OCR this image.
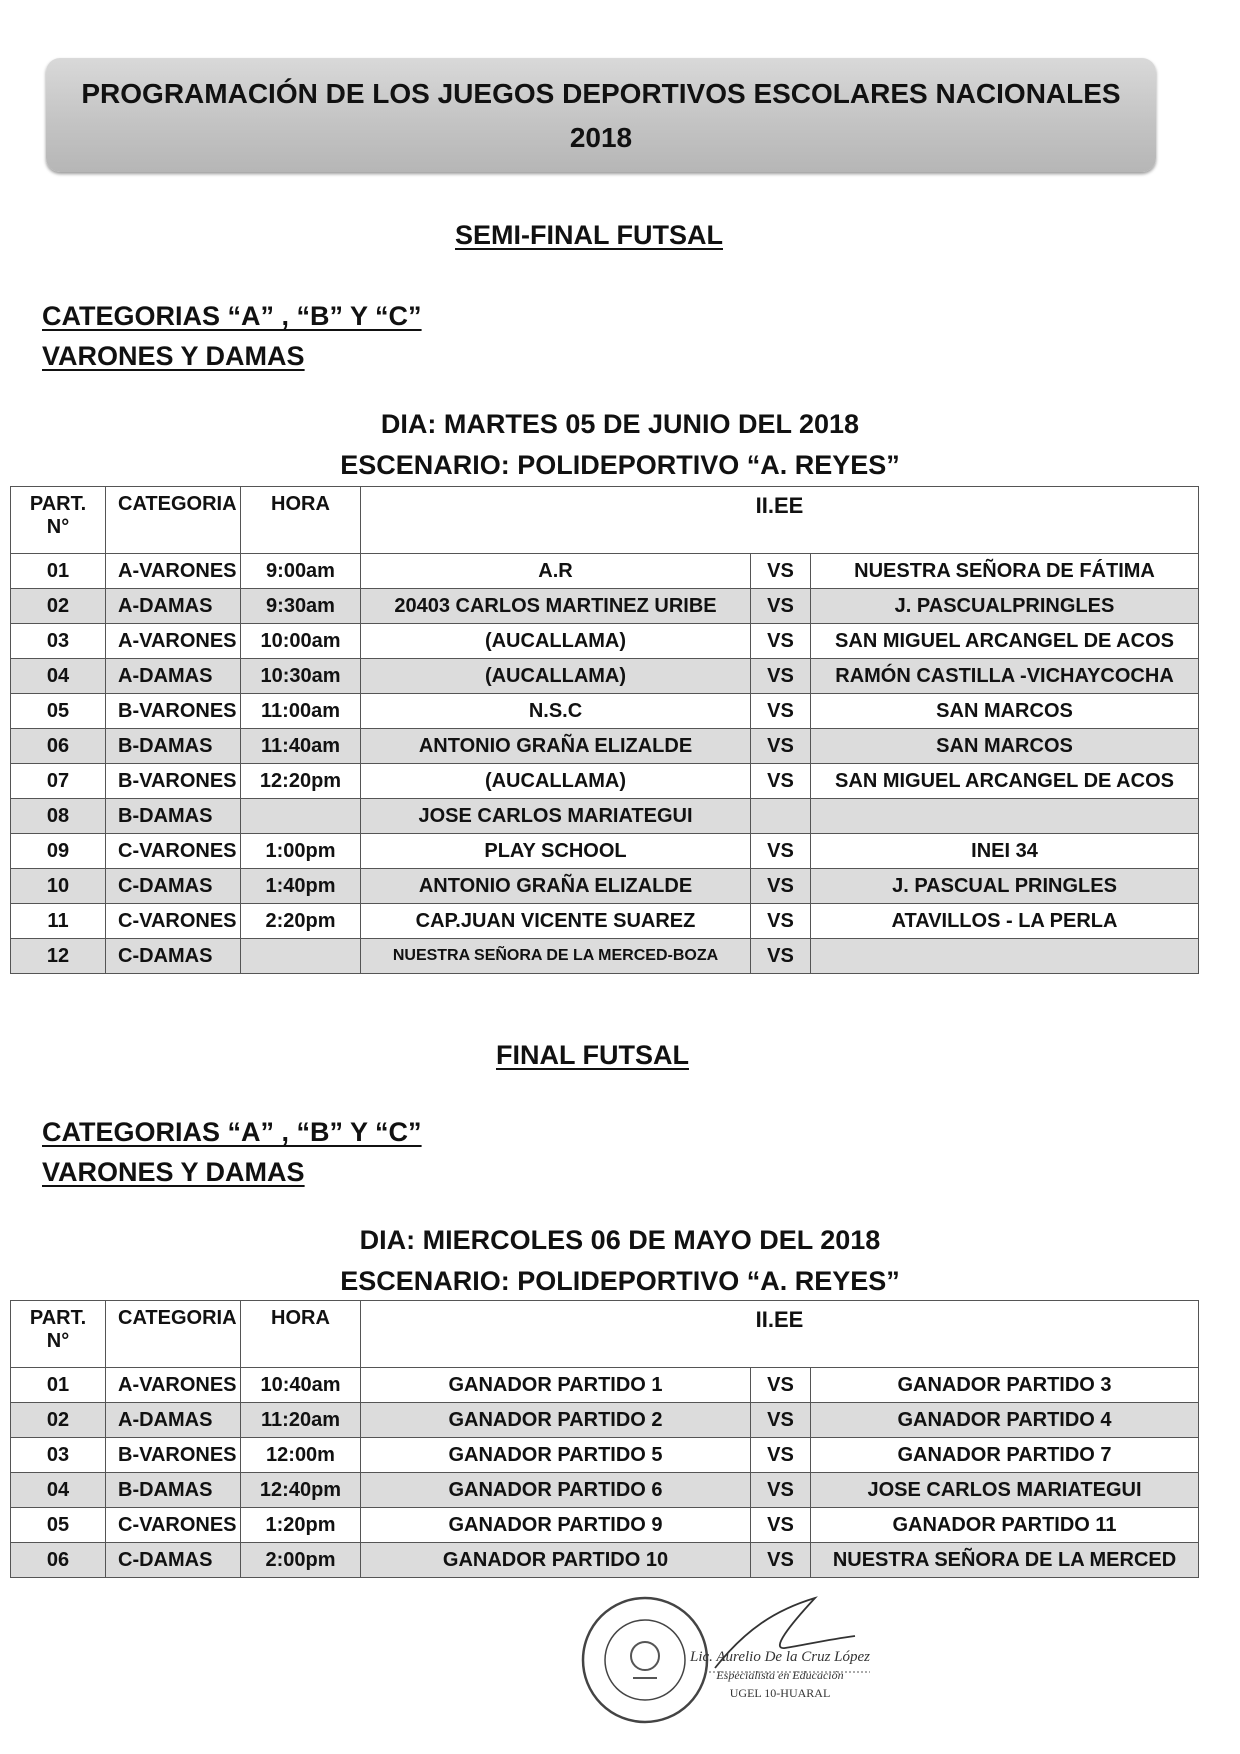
PROGRAMACIÓN DE LOS JUEGOS DEPORTIVOS ESCOLARES NACIONALES
2018
SEMI-FINAL FUTSAL
CATEGORIAS “A” , “B” Y “C”
VARONES Y DAMAS
DIA: MARTES 05 DE JUNIO DEL 2018
ESCENARIO: POLIDEPORTIVO “A. REYES”
PART.
N°	CATEGORIA	HORA	II.EE		
01	A-VARONES	9:00am	A.R	VS	NUESTRA SEÑORA DE FÁTIMA
02	A-DAMAS	9:30am	20403 CARLOS MARTINEZ URIBE	VS	J. PASCUALPRINGLES
03	A-VARONES	10:00am	(AUCALLAMA)	VS	SAN MIGUEL ARCANGEL DE ACOS
04	A-DAMAS	10:30am	(AUCALLAMA)	VS	RAMÓN CASTILLA -VICHAYCOCHA
05	B-VARONES	11:00am	N.S.C	VS	SAN MARCOS
06	B-DAMAS	11:40am	ANTONIO GRAÑA ELIZALDE	VS	SAN MARCOS
07	B-VARONES	12:20pm	(AUCALLAMA)	VS	SAN MIGUEL ARCANGEL DE ACOS
08	B-DAMAS		JOSE CARLOS MARIATEGUI		
09	C-VARONES	1:00pm	PLAY SCHOOL	VS	INEI 34
10	C-DAMAS	1:40pm	ANTONIO GRAÑA ELIZALDE	VS	J. PASCUAL PRINGLES
11	C-VARONES	2:20pm	CAP.JUAN VICENTE SUAREZ	VS	ATAVILLOS - LA PERLA
12	C-DAMAS		NUESTRA SEÑORA DE LA MERCED-BOZA	VS	
FINAL FUTSAL
CATEGORIAS “A” , “B” Y “C”
VARONES Y DAMAS
DIA: MIERCOLES 06 DE MAYO DEL 2018
ESCENARIO: POLIDEPORTIVO “A. REYES”
PART.
N°	CATEGORIA	HORA	II.EE		
01	A-VARONES	10:40am	GANADOR PARTIDO 1	VS	GANADOR PARTIDO 3
02	A-DAMAS	11:20am	GANADOR PARTIDO 2	VS	GANADOR PARTIDO 4
03	B-VARONES	12:00m	GANADOR PARTIDO 5	VS	GANADOR PARTIDO 7
04	B-DAMAS	12:40pm	GANADOR PARTIDO 6	VS	JOSE CARLOS MARIATEGUI
05	C-VARONES	1:20pm	GANADOR PARTIDO 9	VS	GANADOR PARTIDO 11
06	C-DAMAS	2:00pm	GANADOR PARTIDO 10	VS	NUESTRA SEÑORA DE LA MERCED
Lic. Aurelio De la Cruz López
Especialista en Educación
UGEL 10-HUARAL
